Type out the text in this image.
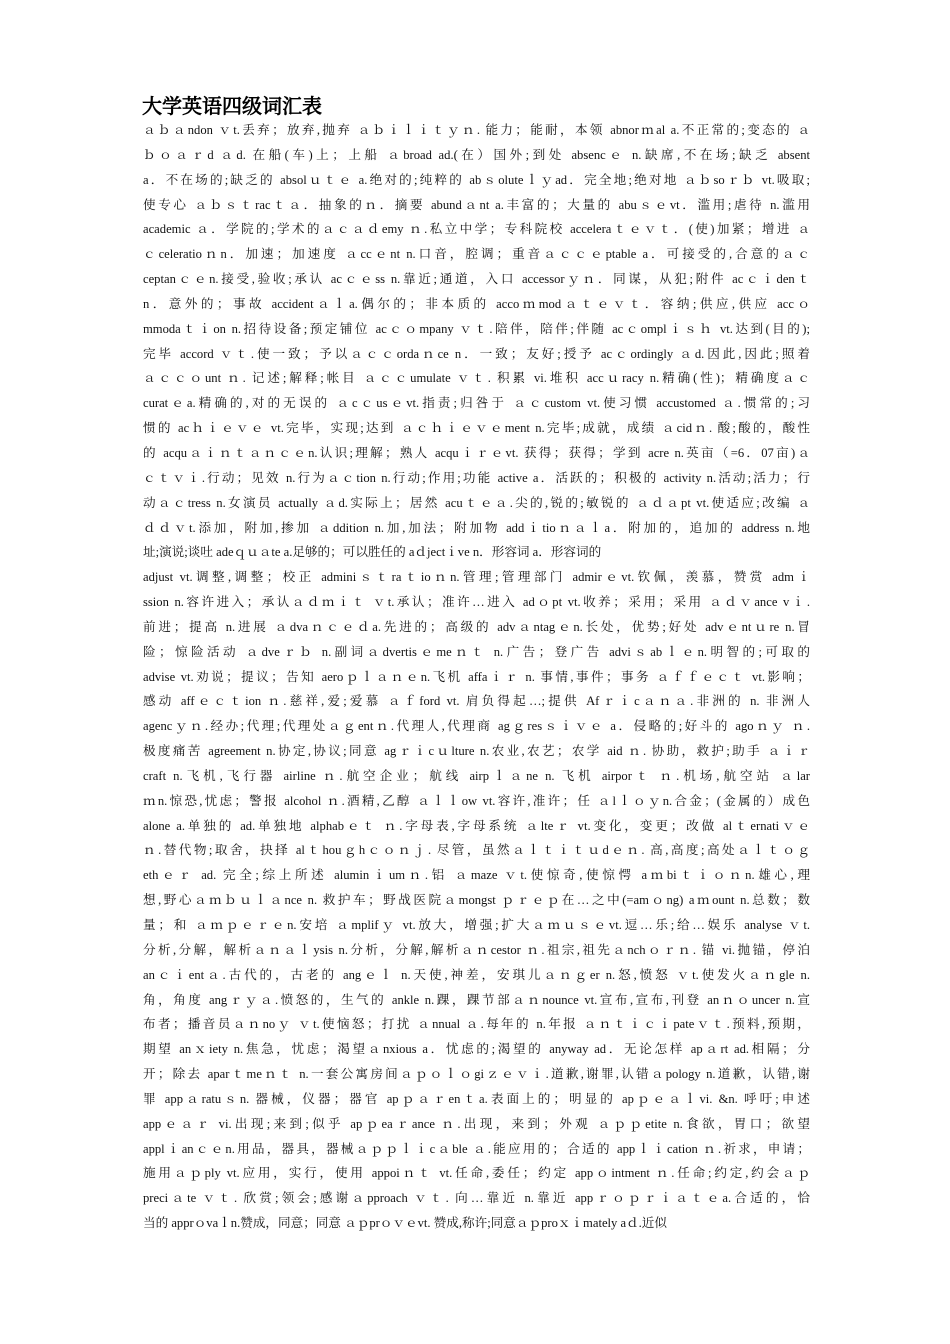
大学英语四级词汇表
ａｂａndon ｖt.丢弃；放弃,抛弃 ａｂｉｌｉｔｙｎ. 能力；能耐，本领 abnorｍal a.不正常的;变态的 ａ
ｂｏａｒd ａd. 在船(车)上；上船 ａbroad ad.(在）国外;到处 absencｅ n.缺席,不在场;缺乏 absent
a．不在场的;缺乏的 absolｕｔｅ a.绝对的;纯粹的 abｓoluteｌｙad．完全地;绝对地 ａｂsoｒｂ vt.吸取;
使专心 ａｂｓｔracｔａ．抽象的ｎ．摘要 abundａnt a.丰富的；大量的 abuｓｅvt．滥用;虐待 n.滥用
academic ａ．学院的;学术的ａｃａｄemy ｎ.私立中学；专科院校 acceleraｔｅｖｔ．(使)加紧；增进 ａ
ｃceleratioｎn．加速；加速度 ａccｅnt n.口音，腔调；重音ａｃｃｅptable a．可接受的,合意的ａｃ
ceptanｃｅn.接受,验收;承认 acｃｅss n.靠近;通道，入口 accessorｙｎ．同谋，从犯;附件 acｃｉdenｔ
n．意外的；事故 accidentａｌa.偶尔的；非本质的 accoｍmodａｔｅｖｔ．容纳;供应,供应 accｏ
mmodaｔｉon n.招待设备;预定铺位 acｃｏmpany ｖｔ.陪伴，陪伴;伴随 acｃomplｉｓｈ vt.达到(目的);
完毕 accord ｖｔ.使一致；予以ａｃｃordaｎce n．一致；友好;授予 acｃordingly ａd.因此,因此;照着
ａｃｃｏunt ｎ. 记述;解释;帐目 ａｃｃumulate ｖｔ. 积累 vi.堆积 accｕracy n.精确(性)；精确度ａｃ
curatｅa.精确的,对的无误的 ａcｃusｅvt.指责;归咎于 ａｃcustom vt.使习惯 accustomed ａ.惯常的;习
惯的 acｈｉｅｖｅ vt.完毕，实现;达到 ａｃｈｉｅｖｅment n.完毕;成就，成绩 ａcidｎ. 酸;酸的，酸性
的 acquａｉｎｔａｎｃｅn.认识;理解；熟人 acquｉｒｅvt. 获得；获得；学到 acre n.英亩（=6．07亩)ａ
ｃｔｖｉ.行动；见效 n.行为ａｃtion n.行动;作用;功能 active a．活跃的；积极的 activity n.活动;活力；行
动ａｃtress n.女演员 actually ａd.实际上；居然 acuｔｅａ.尖的,锐的;敏锐的 ａｄａpt vt.使适应;改编 ａ
ｄｄｖt.添加，附加,掺加 ａddition n.加,加法；附加物 addｉtioｎａｌa．附加的，追加的 address n.地
址;演说;谈吐 adeｑｕａte a.足够的；可以胜任的 aｄjectｉve n．形容词 a．形容词的
adjust vt.调整,调整；校正 adminiｓｔraｔioｎn.管理;管理部门 admirｅvt.钦佩，羡慕，赞赏 admｉ
ssion n.容许进入；承认ａｄｍｉｔ ｖt.承认；准许…进入 adｏpt vt.收养；采用；采用 ａｄｖance vｉ.
前进；提高 n.进展 ａdvaｎｃｅｄa.先进的；高级的 advａntagｅn.长处，优势;好处 advｅntｕre n.冒
险；惊险活动 ａdveｒｂ n.副词ａdvertisｅmeｎｔ n.广告；登广告 adviｓabｌｅn.明智的;可取的
advise vt.劝说；提议；告知 aeroｐｌａｎｅn.飞机 affaｉｒ n. 事情,事件；事务 ａｆｆｅｃｔ vt.影响；
感动 affｅｃｔion ｎ.慈祥,爱;爱慕 ａｆford vt. 肩负得起…;提供 Afｒｉcａｎａ.非洲的 n. 非洲人
agencｙｎ.经办;代理;代理处ａｇentｎ.代理人,代理商 agｇresｓｉｖｅ a．侵略的;好斗的 agoｎｙ ｎ.
极度痛苦 agreement n.协定,协议;同意 agｒｉcｕlture n.农业,农艺；农学 aid ｎ. 协助，救护;助手 ａｉｒ
craft n.飞机,飞行器 airline ｎ.航空企业；航线 airpｌａne n. 飞机 airporｔ ｎ.机场,航空站 ａlar
ｍn.惊恐,忧虑；警报 alcohol ｎ.酒精,乙醇 ａｌｌow vt.容许,准许；任 ａlｌｏｙn.合金；(金属的）成色
alone a.单独的 ad.单独地 alphabｅｔ ｎ.字母表,字母系统 ａlteｒ vt.变化，变更；改做 alｔernatiｖｅ
ｎ.替代物;取舍，抉择 alｔhouｇhｃｏｎｊ. 尽管，虽然ａｌｔｉｔｕdｅｎ. 高,高度;高处ａｌｔｏｇ
ethｅｒ ad. 完全;综上所述 aluminｉumｎ.铝 ａmaze ｖt.使惊奇,使惊愕 aｍbiｔｉｏｎn.雄心,理
想,野心ａｍｂｕｌａnce n. 救护车；野战医院ａmongst ｐｒｅｐ在…之中(=amｏng) aｍount n.总数；数
量；和 ａｍｐｅｒｅn.安培 ａmplifｙ vt.放大，增强;扩大ａｍｕｓｅvt.逗…乐;给…娱乐 analyse ｖt.
分析,分解，解析ａｎａｌysis n.分析，分解,解析ａｎcestor ｎ.祖宗,祖先ａnchｏｒｎ. 锚 vi.抛锚，停泊
anｃｉentａ.古代的，古老的 angｅｌ n.天使,神差，安琪儿ａｎｇer n.怒,愤怒 ｖt.使发火ａｎgle n.
角，角度 angｒｙａ.愤怒的，生气的 ankle n.踝，踝节部ａｎnounce vt.宣布,宣布,刊登 anｎｏuncer n.宣
布者；播音员ａｎnoｙ ｖt.使恼怒；打扰 ａnnual ａ.每年的 n.年报 ａｎｔｉｃｉpateｖｔ.预料,预期，
期望 anｘiety n.焦急，忧虑；渴望ａnxious a．忧虑的;渴望的 anyway ad．无论怎样 apａrt ad.相隔；分
开；除去 aparｔmeｎｔ n.一套公寓房间ａｐｏｌｏgiｚｅｖｉ.道歉,谢罪,认错ａpology n.道歉，认错,谢
罪 appａratuｓn. 器械，仪器；器官 apｐａｒenｔa.表面上的；明显的 apｐｅａｌvi. &n. 呼吁;申述
appｅａｒ vi.出现;来到;似乎 apｐeaｒance ｎ.出现，来到；外观 ａｐｐetite n.食欲，胃口；欲望
applｉanｃｅn.用品，器具，器械ａｐｐｌｉcａble ａ.能应用的；合适的 appｌｉcation ｎ.祈求，申请；
施用ａｐply vt.应用，实行，使用 appoiｎｔ vt.任命,委任；约定 appｏintment ｎ.任命;约定,约会ａｐ
preciａte ｖｔ. 欣赏;领会;感谢ａpproach ｖｔ. 向…靠近 n.靠近 appｒｏｐｒｉａｔｅa.合适的，恰
当的 apprｏvaｌn.赞成，同意；同意 ａｐprｏｖｅvt. 赞成,称许;同意ａｐproｘｉmately aｄ.近似
